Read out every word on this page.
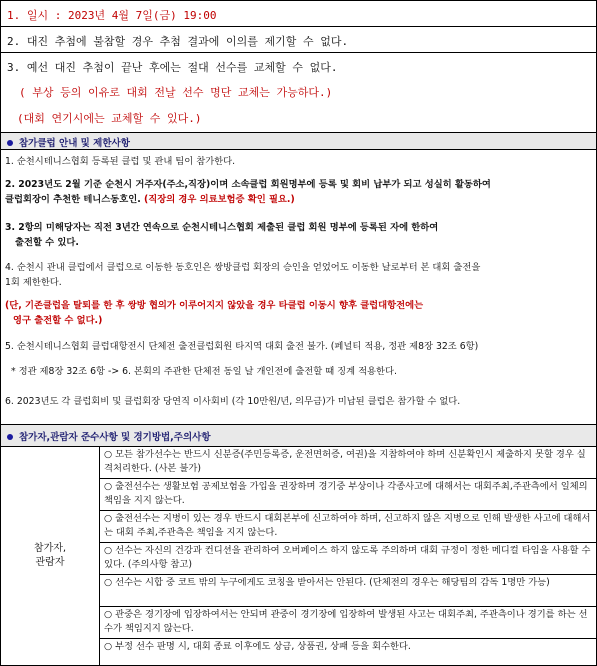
1. 일시 : 2023년 4월 7일(금) 19:00
2. 대진 추첨에 불참할 경우 추첨 결과에 이의를 제기할 수 없다.
3. 예선 대진 추첨이 끝난 후에는 절대 선수를 교체할 수 없다.
( 부상 등의 이유로 대회 전날 선수 명단 교체는 가능하다.)
(대회 연기시에는 교체할 수 있다.)
참가클럽 안내 및 제한사항
1. 순천시테니스협회 등록된 클럽 및 관내 팀이 참가한다.
2. 2023년도 2월 기준 순천시 거주자(주소,직장)이며 소속클럽 회원명부에 등록 및 회비 납부가 되고 성실히 활동하여
클럽회장이 추천한 테니스동호인. (직장의 경우 의료보험증 확인 필요.)
3. 2항의 미해당자는 직전 3년간 연속으로 순천시테니스협회 제출된 클럽 회원 명부에 등록된 자에 한하여
출전할 수 있다.
4. 순천시 관내 클럽에서 클럽으로 이동한 동호인은 쌍방클럽 회장의 승인을 얻었어도 이동한 날로부터 본 대회 출전을
1회 제한한다.
(단, 기존클럽을 탈퇴를 한 후 쌍방 협의가 이루어지지 않았을 경우 타클럽 이동시 향후 클럽대항전에는
영구 출전할 수 없다.)
5. 순천시테니스협회 클럽대항전시 단체전 출전클럽회원 타지역 대회 출전 불가. (페널티 적용, 정관 제8장 32조 6항)
* 정관 제8장 32조 6항 -> 6. 본회의 주관한 단체전 동일 날 개인전에 출전할 때 징계 적용한다.
6. 2023년도 각 클럽회비 및 클럽회장 당연직 이사회비 (각 10만원/년, 의무금)가 미납된 클럽은 참가할 수 없다.
참가자,관람자 준수사항 및 경기방법,주의사항
참가자,
관람자
○ 모든 참가선수는 반드시 신분증(주민등록증, 운전면허증, 여권)을 지참하여야 하며 신분확인시 제출하지 못할 경우 실격처리한다. (사본 불가)
○ 출전선수는 생활보험 공제보험을 가입을 권장하며 경기중 부상이나 각종사고에 대해서는 대회주최,주관측에서 일체의 책임을 지지 않는다.
○ 출전선수는 지병이 있는 경우 반드시 대회본부에 신고하여야 하며, 신고하지 않은 지병으로 인해 발생한 사고에 대해서는 대회 주최,주관측은 책임을 지지 않는다.
○ 선수는 자신의 건강과 컨디션을 관리하여 오버페이스 하지 않도록 주의하며 대회 규정이 정한 메디컬 타임을 사용할 수 있다. (주의사항 참고)
○ 선수는 시합 중 코트 밖의 누구에게도 코칭을 받아서는 안된다. (단체전의 경우는 해당팀의 감독 1명만 가능)
○ 관중은 경기장에 입장하여서는 안되며 관중이 경기장에 입장하여 발생된 사고는 대회주최, 주관측이나 경기를 하는 선수가 책임지지 않는다.
○ 부정 선수 판명 시, 대회 종료 이후에도 상금, 상품권, 상패 등을 회수한다.
